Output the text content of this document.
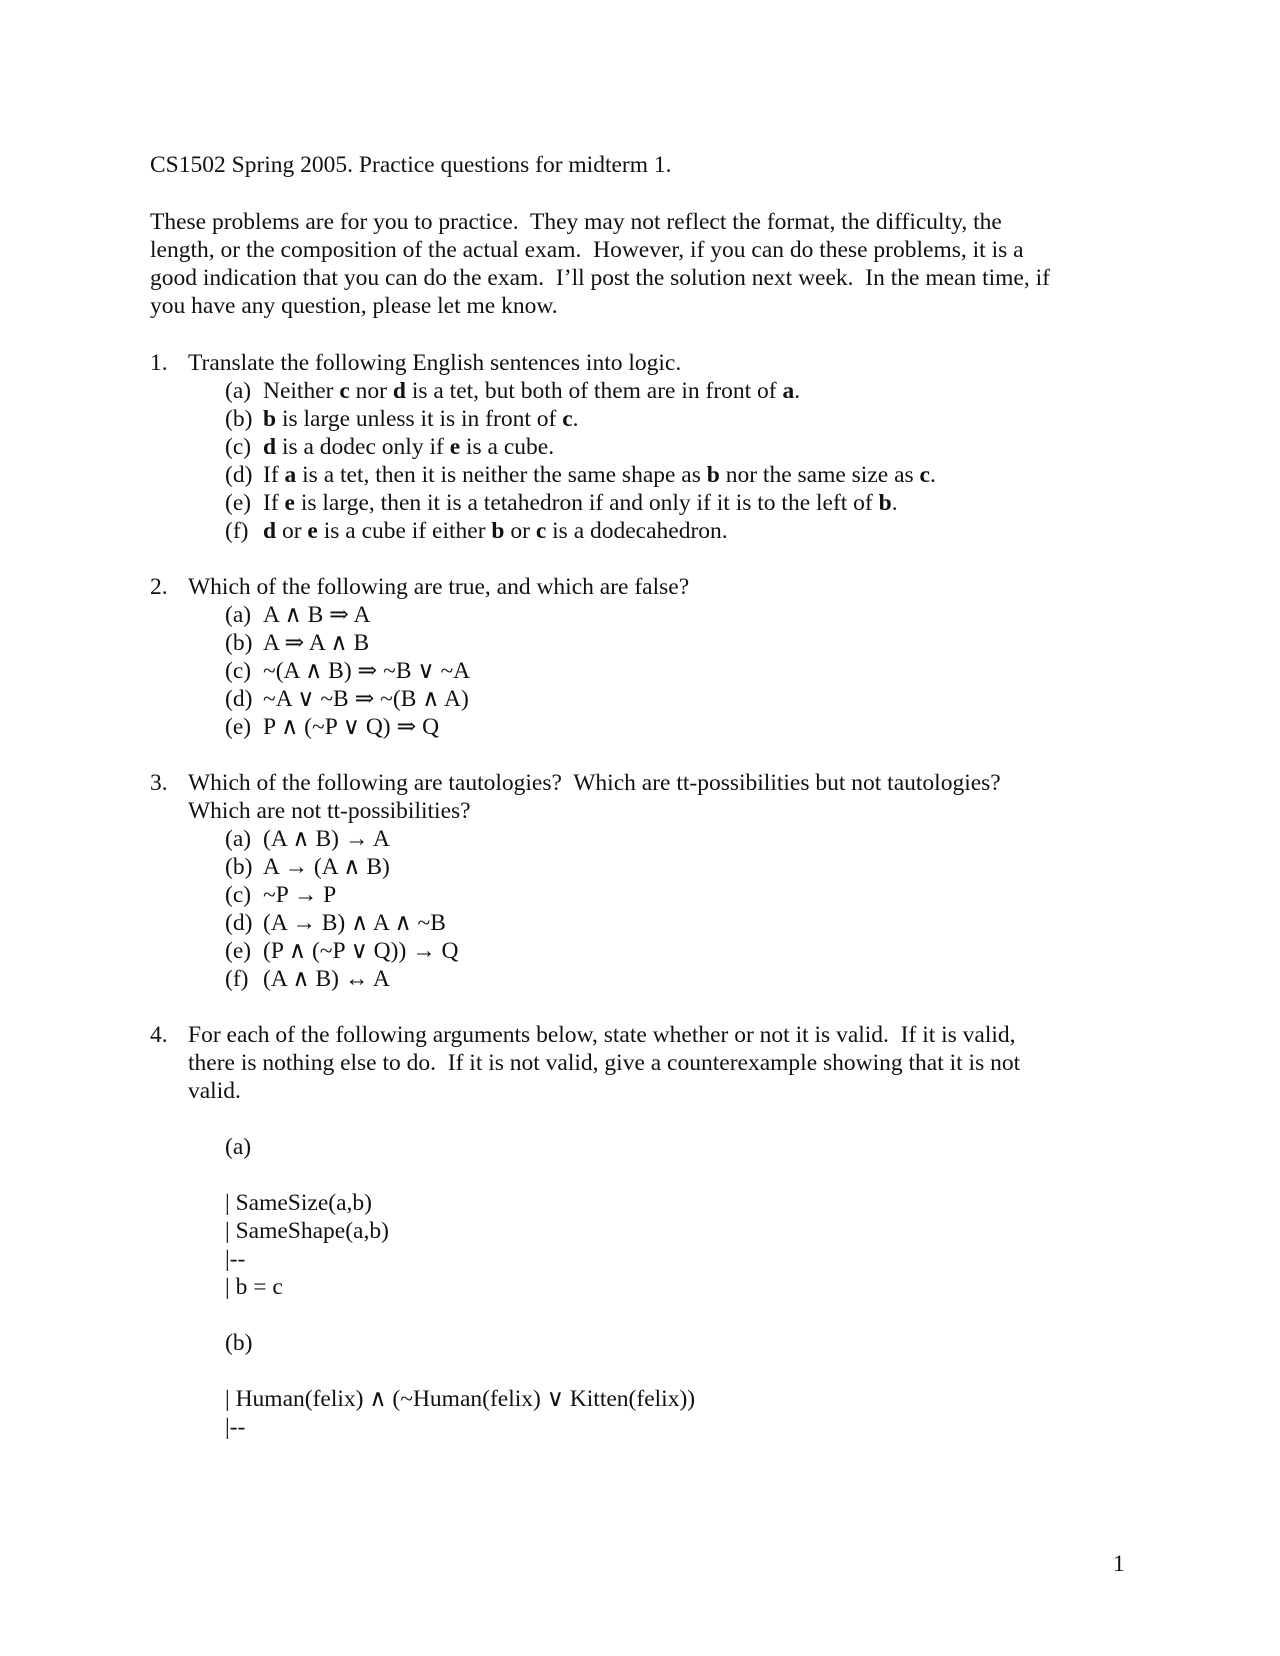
CS1502 Spring 2005. Practice questions for midterm 1.
These problems are for you to practice.  They may not reflect the format, the difficulty, the
length, or the composition of the actual exam.  However, if you can do these problems, it is a
good indication that you can do the exam.  I’ll post the solution next week.  In the mean time, if
you have any question, please let me know.
1. Translate the following English sentences into logic.
(a) Neither c nor d is a tet, but both of them are in front of a.
(b) b is large unless it is in front of c.
(c) d is a dodec only if e is a cube.
(d) If a is a tet, then it is neither the same shape as b nor the same size as c.
(e) If e is large, then it is a tetahedron if and only if it is to the left of b.
(f) d or e is a cube if either b or c is a dodecahedron.
2. Which of the following are true, and which are false?
(a) A ∧ B ⇒ A
(b) A ⇒ A ∧ B
(c) ~(A ∧ B) ⇒ ~B ∨ ~A
(d) ~A ∨ ~B ⇒ ~(B ∧ A)
(e) P ∧ (~P ∨ Q) ⇒ Q
3. Which of the following are tautologies?  Which are tt-possibilities but not tautologies?
Which are not tt-possibilities?
(a) (A ∧ B) → A
(b) A → (A ∧ B)
(c) ~P → P
(d) (A → B) ∧ A ∧ ~B
(e) (P ∧ (~P ∨ Q)) → Q
(f) (A ∧ B) ↔ A
4. For each of the following arguments below, state whether or not it is valid.  If it is valid,
there is nothing else to do.  If it is not valid, give a counterexample showing that it is not
valid.
(a)
| SameSize(a,b)
| SameShape(a,b)
|--
| b = c
(b)
| Human(felix) ∧ (~Human(felix) ∨ Kitten(felix))
|--
1
